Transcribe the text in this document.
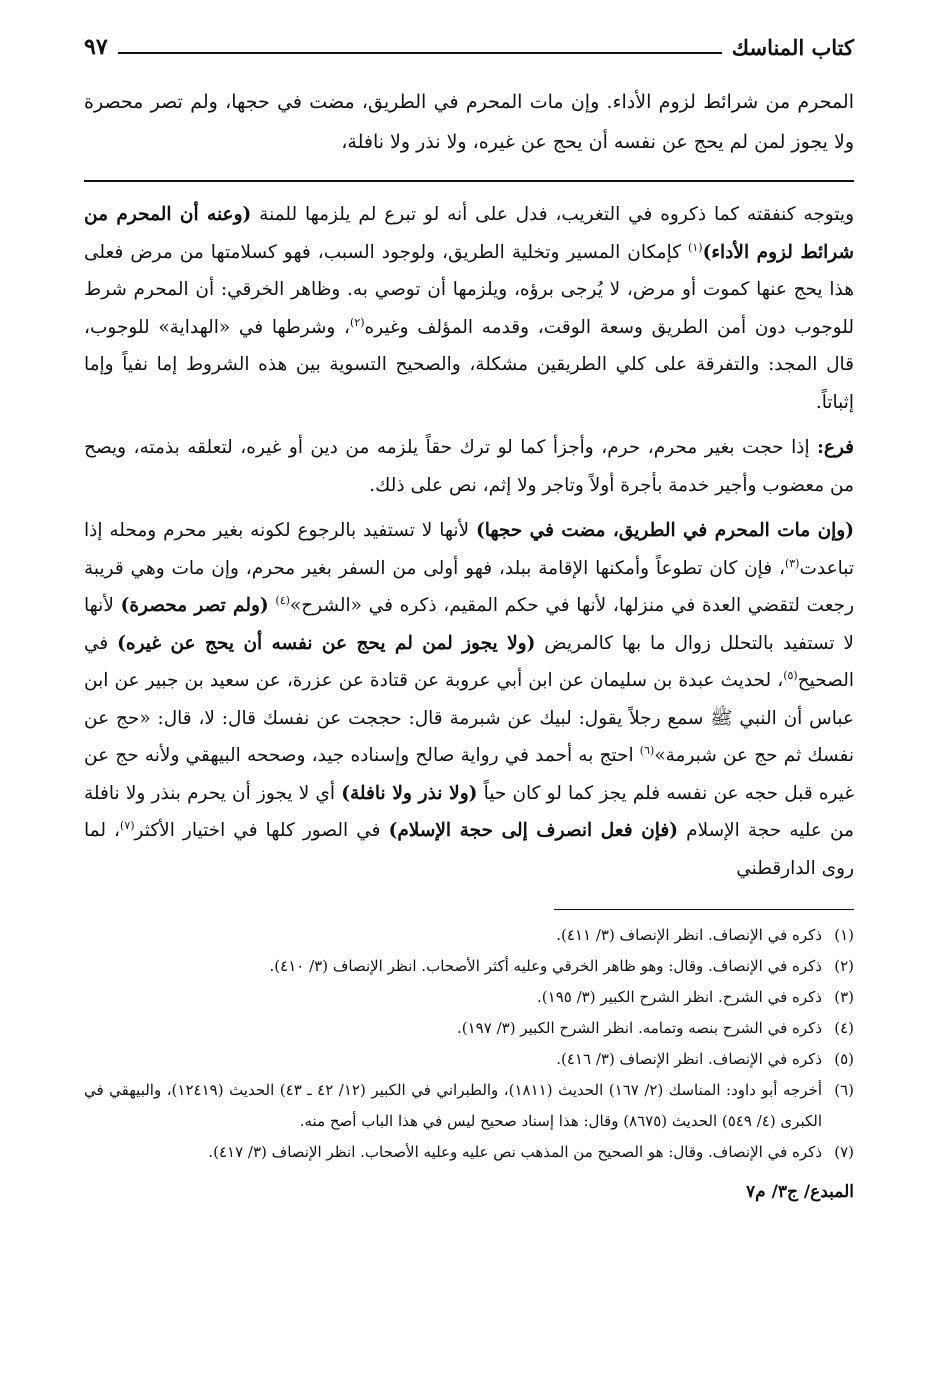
كتاب المناسك
٩٧

المحرم من شرائط لزوم الأداء. وإن مات المحرم في الطريق، مضت في حجها، ولم تصر محصرة ولا يجوز لمن لم يحج عن نفسه أن يحج عن غيره، ولا نذر ولا نافلة،

ويتوجه كنفقته كما ذكروه في التغريب، فدل على أنه لو تبرع لم يلزمها للمنة (وعنه أن المحرم من شرائط لزوم الأداء)$^{(١)}$ كإمكان المسير وتخلية الطريق، ولوجود السبب، فهو كسلامتها من مرض فعلى هذا يحج عنها كموت أو مرض، لا يُرجى برؤه، ويلزمها أن توصي به. وظاهر الخرقي: أن المحرم شرط للوجوب دون أمن الطريق وسعة الوقت، وقدمه المؤلف وغيره$^{(٢)}$، وشرطها في «الهداية» للوجوب، قال المجد: والتفرقة على كلي الطريقين مشكلة، والصحيح التسوية بين هذه الشروط إما نفياً وإما إثباتاً.

فرع: إذا حجت بغير محرم، حرم، وأجزأ كما لو ترك حقاً يلزمه من دين أو غيره، لتعلقه بذمته، ويصح من معضوب وأجير خدمة بأجرة أولاً وتاجر ولا إثم، نص على ذلك.

(وإن مات المحرم في الطريق، مضت في حجها) لأنها لا تستفيد بالرجوع لكونه بغير محرم ومحله إذا تباعدت$^{(٣)}$، فإن كان تطوعاً وأمكنها الإقامة ببلد، فهو أولى من السفر بغير محرم، وإن مات وهي قريبة رجعت لتقضي العدة في منزلها، لأنها في حكم المقيم، ذكره في «الشرح»$^{(٤)}$ (ولم تصر محصرة) لأنها لا تستفيد بالتحلل زوال ما بها كالمريض (ولا يجوز لمن لم يحج عن نفسه أن يحج عن غيره) في الصحيح$^{(٥)}$، لحديث عبدة بن سليمان عن ابن أبي عروبة عن قتادة عن عزرة، عن سعيد بن جبير عن ابن عباس أن النبي ﷺ سمع رجلاً يقول: لبيك عن شبرمة قال: حججت عن نفسك قال: لا، قال: «حج عن نفسك ثم حج عن شبرمة»$^{(٦)}$ احتج به أحمد في رواية صالح وإسناده جيد، وصححه البيهقي ولأنه حج عن غيره قبل حجه عن نفسه فلم يجز كما لو كان حياً (ولا نذر ولا نافلة) أي لا يجوز أن يحرم بنذر ولا نافلة من عليه حجة الإسلام (فإن فعل انصرف إلى حجة الإسلام) في الصور كلها في اختيار الأكثر$^{(٧)}$، لما روى الدارقطني

(١)
ذكره في الإنصاف. انظر الإنصاف (٣/ ٤١١).
(٢)
ذكره في الإنصاف. وقال: وهو ظاهر الخرقي وعليه أكثر الأصحاب. انظر الإنصاف (٣/ ٤١٠).
(٣)
ذكره في الشرح. انظر الشرح الكبير (٣/ ١٩٥).
(٤)
ذكره في الشرح بنصه وتمامه. انظر الشرح الكبير (٣/ ١٩٧).
(٥)
ذكره في الإنصاف. انظر الإنصاف (٣/ ٤١٦).
(٦)
أخرجه أبو داود: المناسك (٢/ ١٦٧) الحديث (١٨١١)، والطبراني في الكبير (١٢/ ٤٢ ـ ٤٣) الحديث (١٢٤١٩)، والبيهقي في الكبرى (٤/ ٥٤٩) الحديث (٨٦٧٥) وقال: هذا إسناد صحيح ليس في هذا الباب أصح منه.
(٧)
ذكره في الإنصاف. وقال: هو الصحيح من المذهب نص عليه وعليه الأصحاب. انظر الإنصاف (٣/ ٤١٧).
المبدع/ ج٣/ م٧
